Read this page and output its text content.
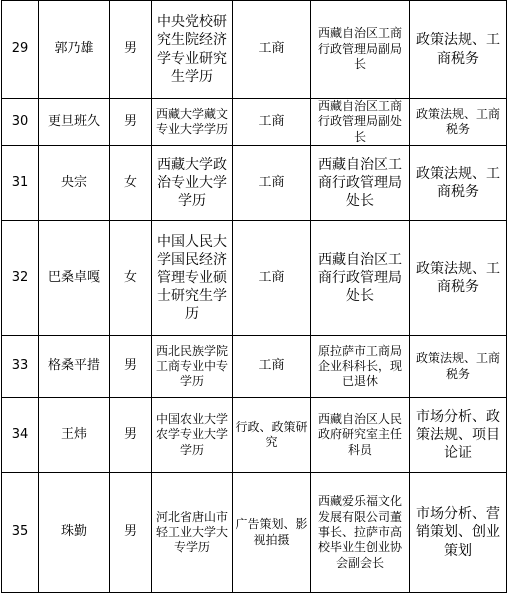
29	郭乃雄	男	中央党校研究生院经济学专业研究生学历	工商	西藏自治区工商行政管理局副局长	政策法规、工商税务
30	更旦班久	男	西藏大学藏文专业大学学历	工商	西藏自治区工商行政管理局副处长	政策法规、工商税务
31	央宗	女	西藏大学政治专业大学学历	工商	西藏自治区工商行政管理局处长	政策法规、工商税务
32	巴桑卓嘎	女	中国人民大学国民经济管理专业硕士研究生学历	工商	西藏自治区工商行政管理局处长	政策法规、工商税务
33	格桑平措	男	西北民族学院工商专业中专学历	工商	原拉萨市工商局企业科科长，现已退休	政策法规、工商税务
34	王炜	男	中国农业大学农学专业大学学历	行政、政策研究	西藏自治区人民政府研究室主任科员	市场分析、政策法规、项目论证
35	珠勤	男	河北省唐山市轻工业大学大专学历	广告策划、影视拍摄	西藏爱乐福文化发展有限公司董事长、拉萨市高校毕业生创业协会副会长	市场分析、营销策划、创业策划
